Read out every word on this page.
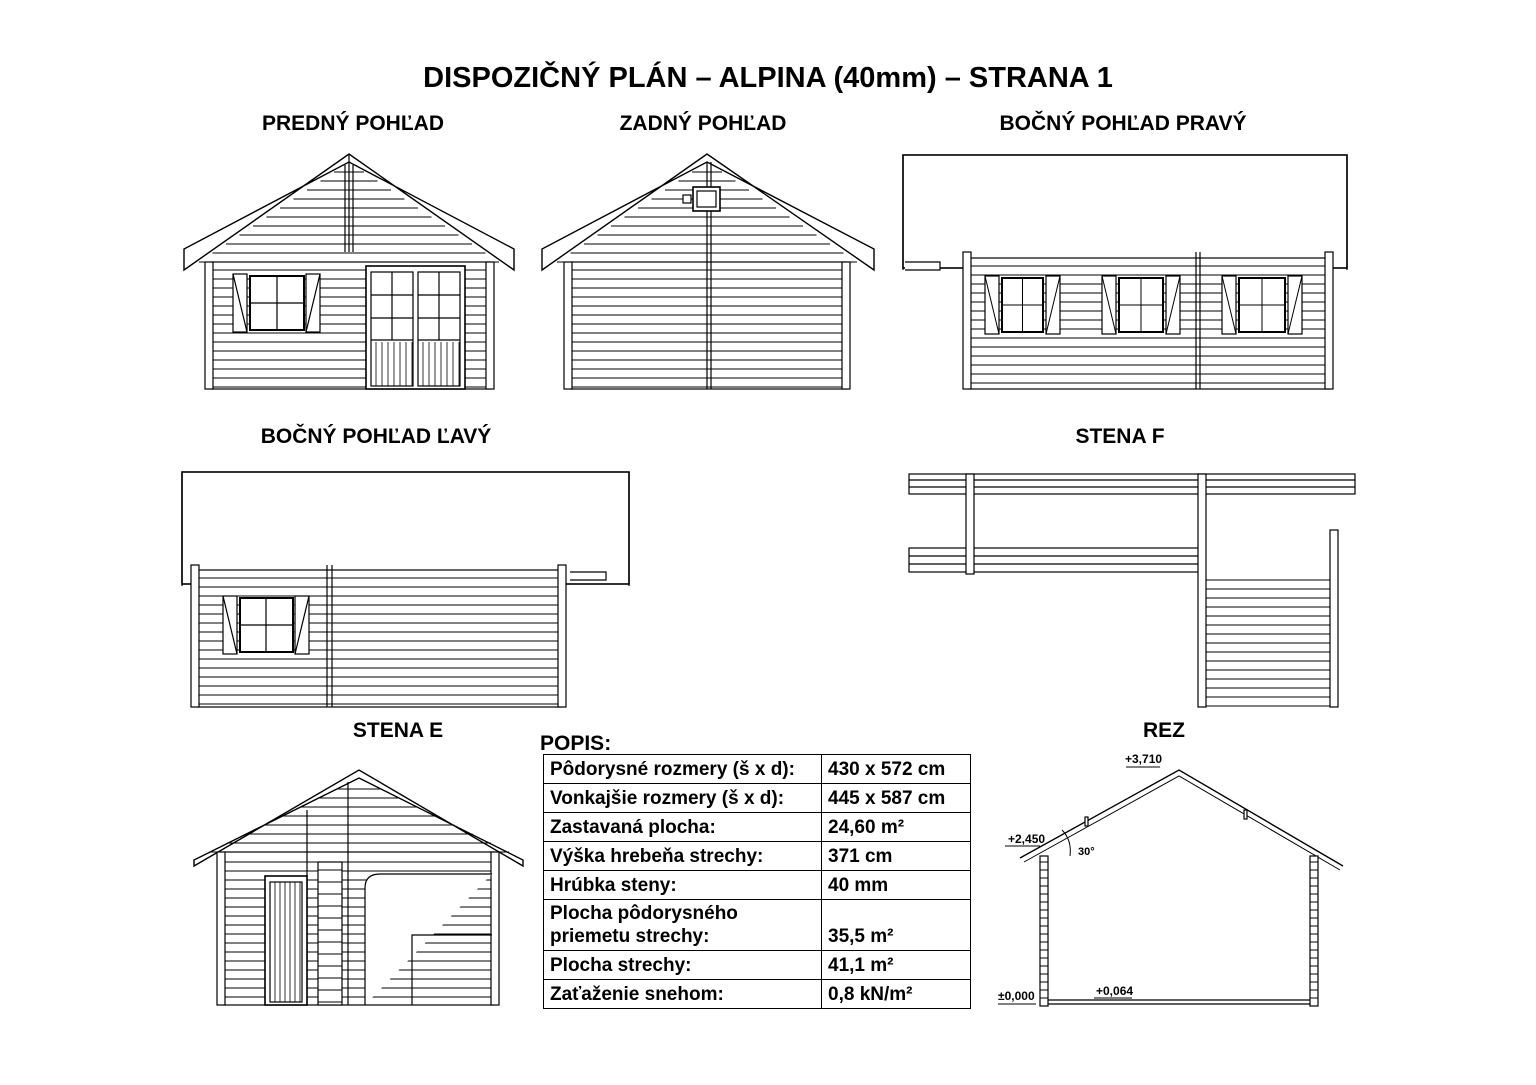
DISPOZIČNÝ PLÁN – ALPINA (40mm) – STRANA 1
PREDNÝ POHĽAD	ZADNÝ POHĽAD	BOČNÝ POHĽAD PRAVÝ
BOČNÝ POHĽAD ĽAVÝ	STENA F
STENA E	REZ
+3,710
+2,450
30°
±0,000	+0,064
POPIS:
Pôdorysné rozmery (š x d):	430 x 572 cm
Vonkajšie rozmery (š x d):	445 x 587 cm
Zastavaná plocha:	24,60 m²
Výška hrebeňa strechy:	371 cm
Hrúbka steny:	40 mm
Plocha pôdorysného priemetu strechy:	35,5 m²
Plocha strechy:	41,1 m²
Zaťaženie snehom:	0,8 kN/m²
